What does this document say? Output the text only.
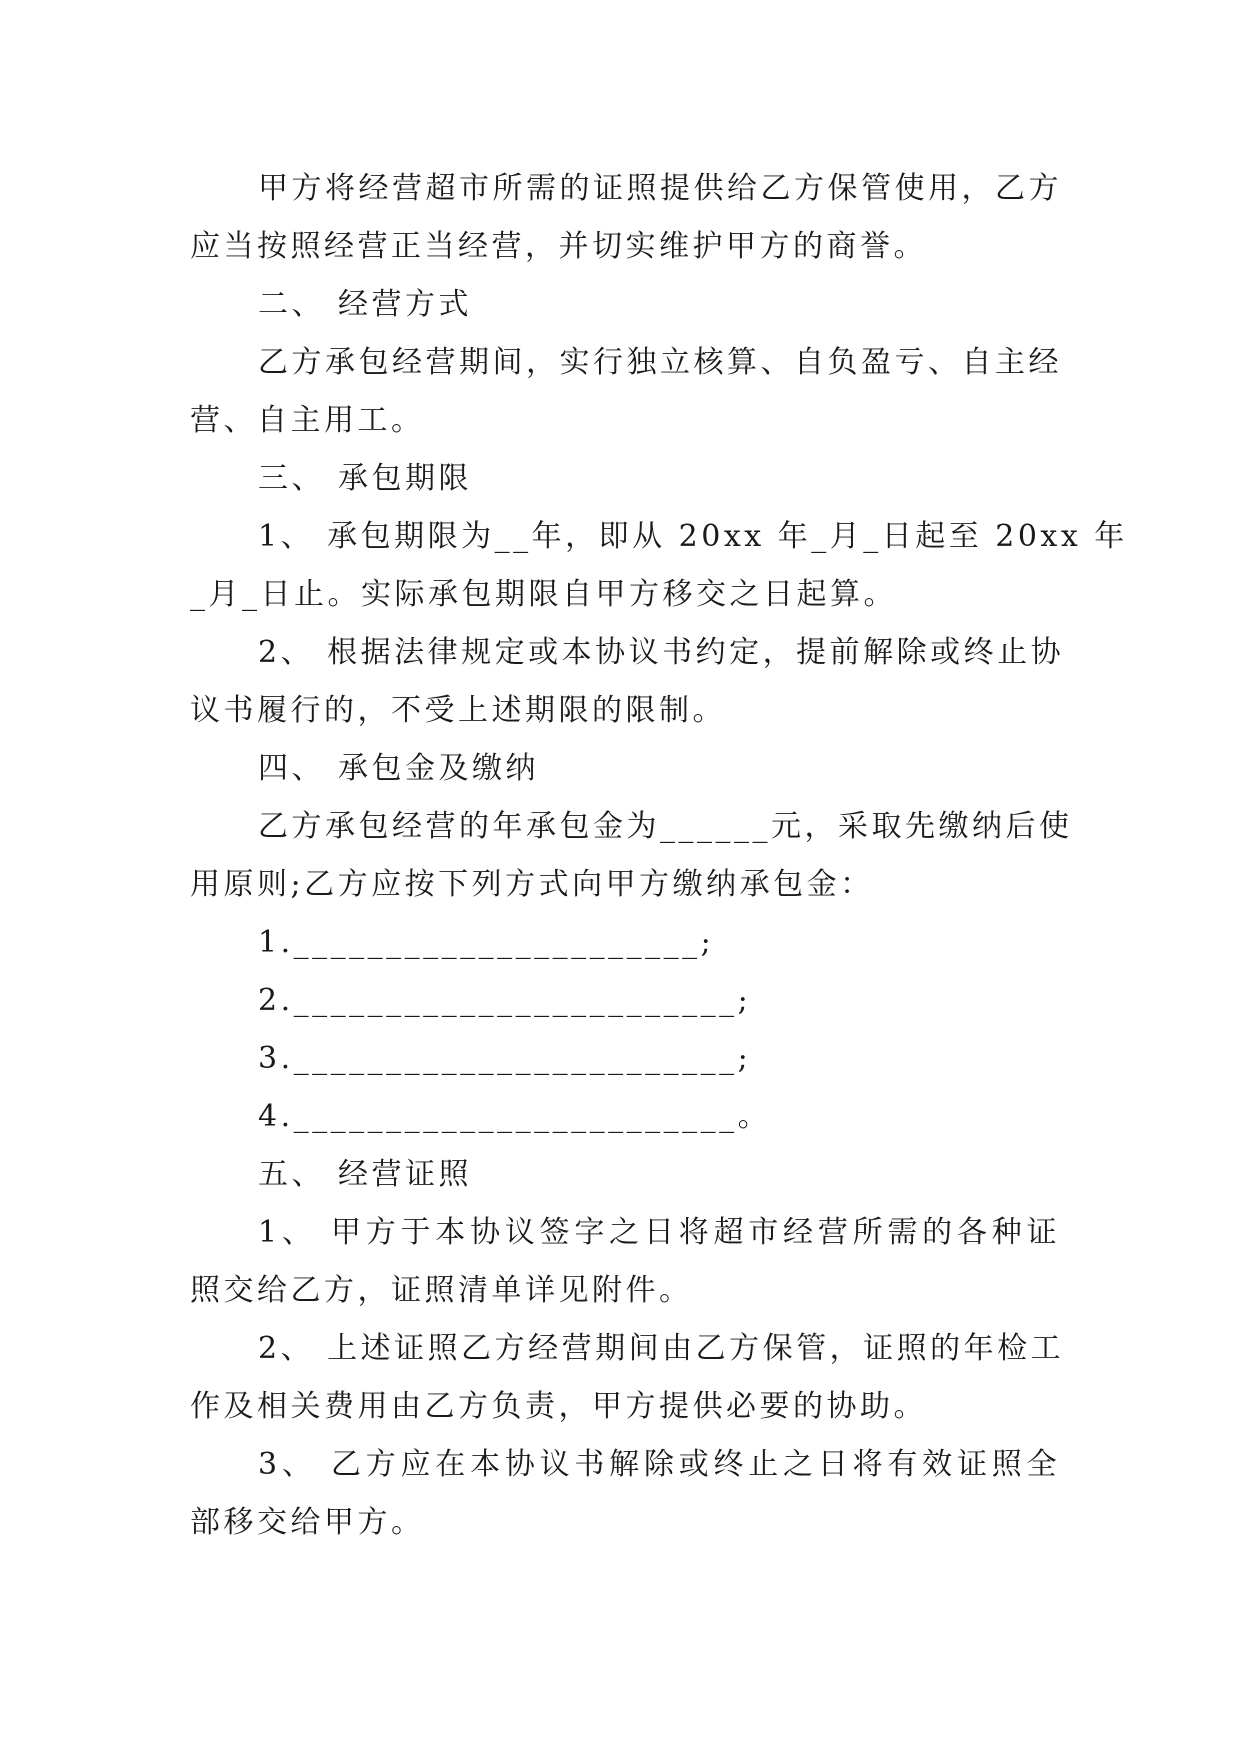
甲方将经营超市所需的证照提供给乙方保管使用，乙方
应当按照经营正当经营，并切实维护甲方的商誉。
二、 经营方式
乙方承包经营期间，实行独立核算、自负盈亏、自主经
营、自主用工。
三、 承包期限
1、 承包期限为__年，即从 20xx 年_月_日起至 20xx 年
_月_日止。实际承包期限自甲方移交之日起算。
2、 根据法律规定或本协议书约定，提前解除或终止协
议书履行的，不受上述期限的限制。
四、 承包金及缴纳
乙方承包经营的年承包金为______元，采取先缴纳后使
用原则;乙方应按下列方式向甲方缴纳承包金：
1.______________________;
2.________________________;
3.________________________;
4.________________________。
五、 经营证照
1、 甲方于本协议签字之日将超市经营所需的各种证
照交给乙方，证照清单详见附件。
2、 上述证照乙方经营期间由乙方保管，证照的年检工
作及相关费用由乙方负责，甲方提供必要的协助。
3、 乙方应在本协议书解除或终止之日将有效证照全
部移交给甲方。
